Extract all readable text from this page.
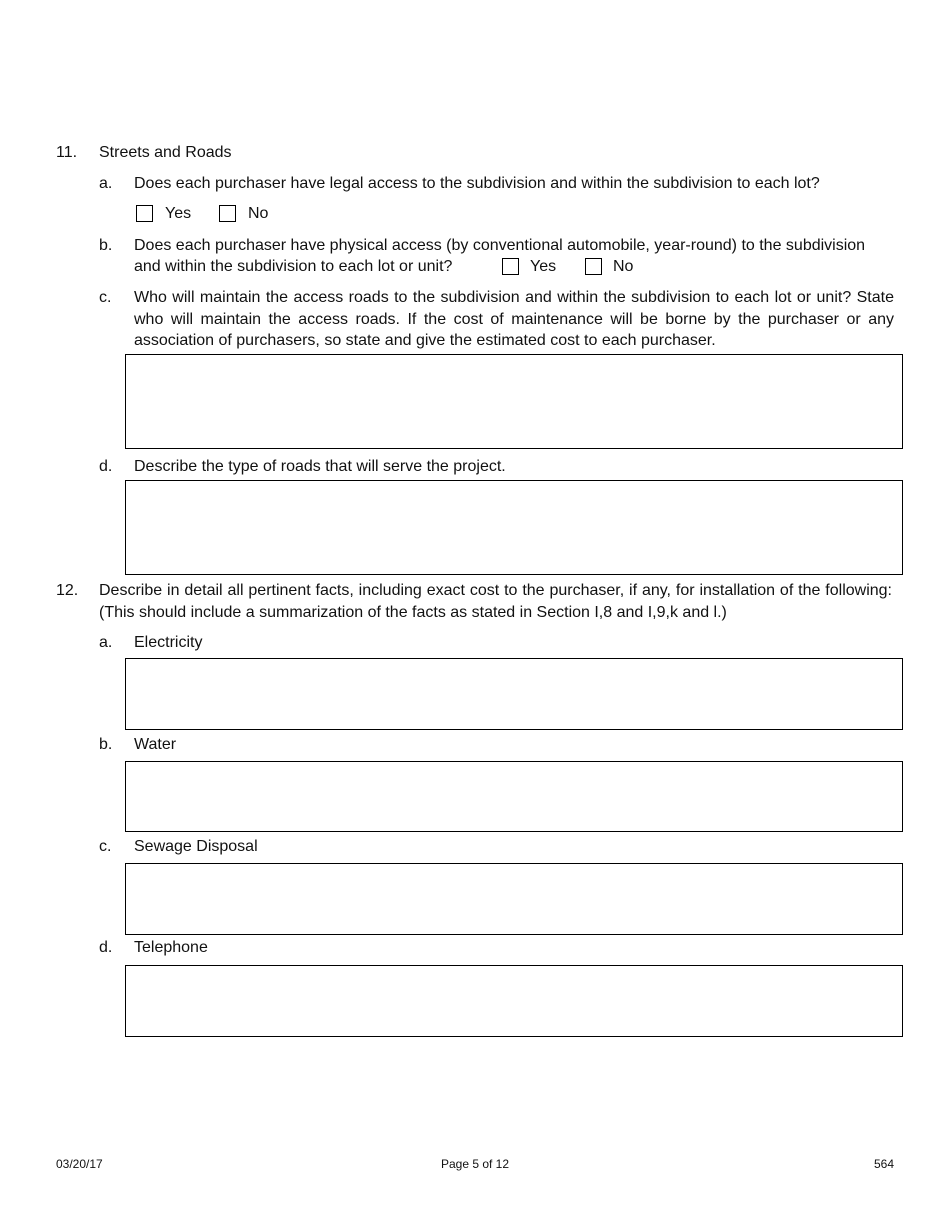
11. Streets and Roads
a. Does each purchaser have legal access to the subdivision and within the subdivision to each lot?
Yes	No
b. Does each purchaser have physical access (by conventional automobile, year-round) to the subdivision
and within the subdivision to each lot or unit?	Yes	No
c. Who will maintain the access roads to the subdivision and within the subdivision to each lot or unit? State who will maintain the access roads. If the cost of maintenance will be borne by the purchaser or any association of purchasers, so state and give the estimated cost to each purchaser.
d. Describe the type of roads that will serve the project.
12. Describe in detail all pertinent facts, including exact cost to the purchaser, if any, for installation of the following: (This should include a summarization of the facts as stated in Section I,8 and I,9,k and l.)
a. Electricity
b. Water
c. Sewage Disposal
d. Telephone
03/20/17	Page 5 of 12	564
